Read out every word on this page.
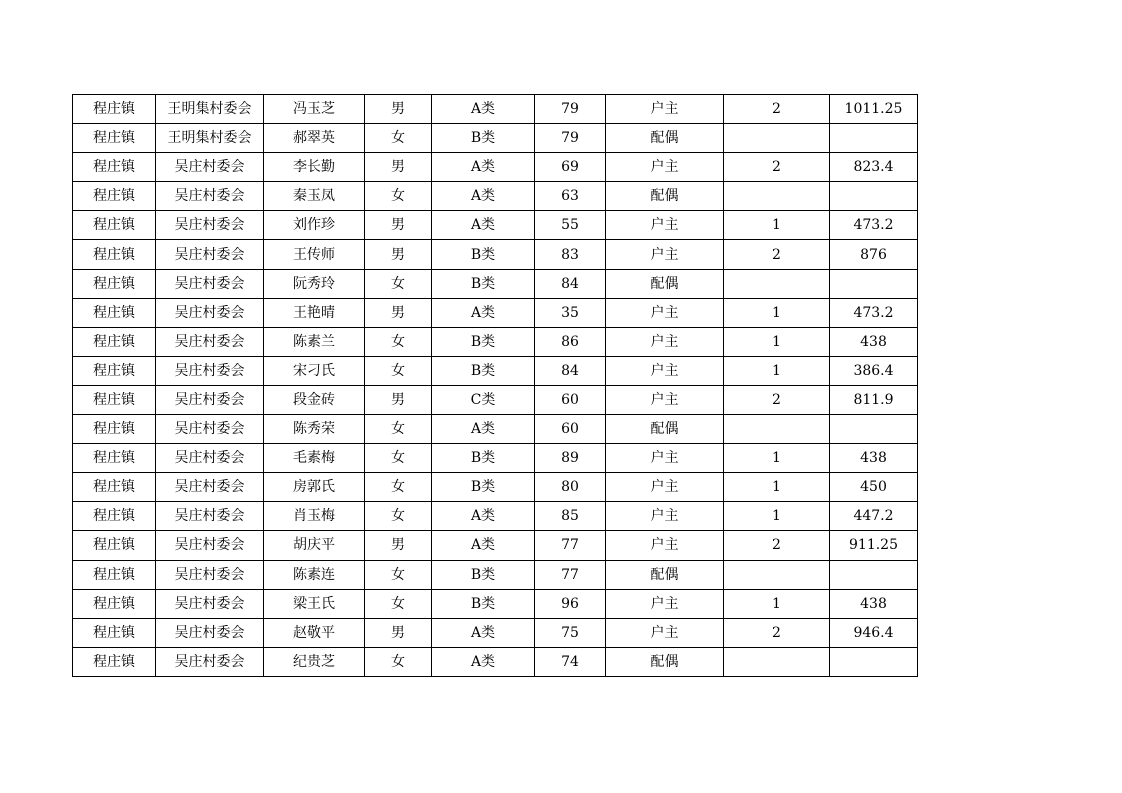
程庄镇	王明集村委会	冯玉芝	男	A类	79	户主	2	1011.25
程庄镇	王明集村委会	郝翠英	女	B类	79	配偶		
程庄镇	吴庄村委会	李长勤	男	A类	69	户主	2	823.4
程庄镇	吴庄村委会	秦玉凤	女	A类	63	配偶		
程庄镇	吴庄村委会	刘作珍	男	A类	55	户主	1	473.2
程庄镇	吴庄村委会	王传师	男	B类	83	户主	2	876
程庄镇	吴庄村委会	阮秀玲	女	B类	84	配偶		
程庄镇	吴庄村委会	王艳晴	男	A类	35	户主	1	473.2
程庄镇	吴庄村委会	陈素兰	女	B类	86	户主	1	438
程庄镇	吴庄村委会	宋刁氏	女	B类	84	户主	1	386.4
程庄镇	吴庄村委会	段金砖	男	C类	60	户主	2	811.9
程庄镇	吴庄村委会	陈秀荣	女	A类	60	配偶		
程庄镇	吴庄村委会	毛素梅	女	B类	89	户主	1	438
程庄镇	吴庄村委会	房郭氏	女	B类	80	户主	1	450
程庄镇	吴庄村委会	肖玉梅	女	A类	85	户主	1	447.2
程庄镇	吴庄村委会	胡庆平	男	A类	77	户主	2	911.25
程庄镇	吴庄村委会	陈素连	女	B类	77	配偶		
程庄镇	吴庄村委会	梁王氏	女	B类	96	户主	1	438
程庄镇	吴庄村委会	赵敬平	男	A类	75	户主	2	946.4
程庄镇	吴庄村委会	纪贵芝	女	A类	74	配偶		
